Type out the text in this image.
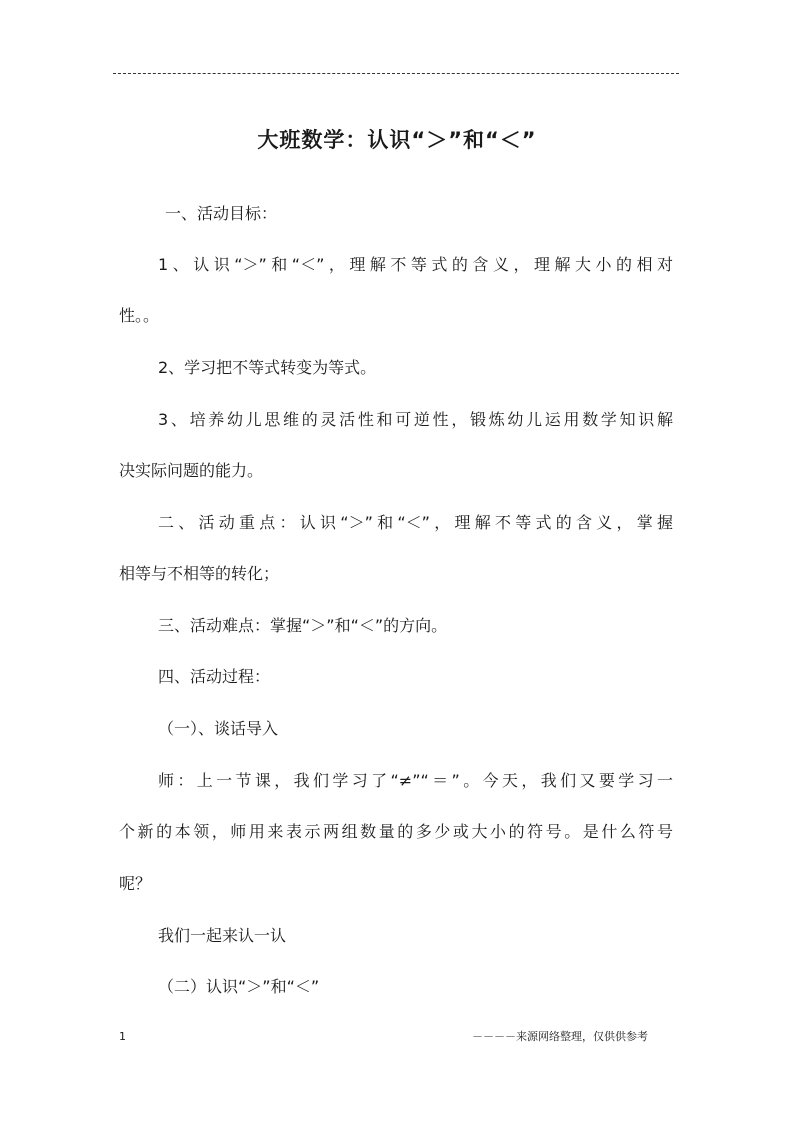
大班数学：认识“＞”和“＜”
一、活动目标：
1、认识“＞”和“＜”，理解不等式的含义，理解大小的相对
性。。
2、学习把不等式转变为等式。
3、培养幼儿思维的灵活性和可逆性，锻炼幼儿运用数学知识解
决实际问题的能力。
二、活动重点：认识“＞”和“＜”，理解不等式的含义，掌握
相等与不相等的转化；
三、活动难点：掌握“＞”和“＜”的方向。
四、活动过程：
（一）、谈话导入
师：上一节课，我们学习了“≠”“＝”。今天，我们又要学习一
个新的本领，师用来表示两组数量的多少或大小的符号。是什么符号
呢？
我们一起来认一认
（二）认识“＞”和“＜”
1	－－－－来源网络整理，仅供供参考
